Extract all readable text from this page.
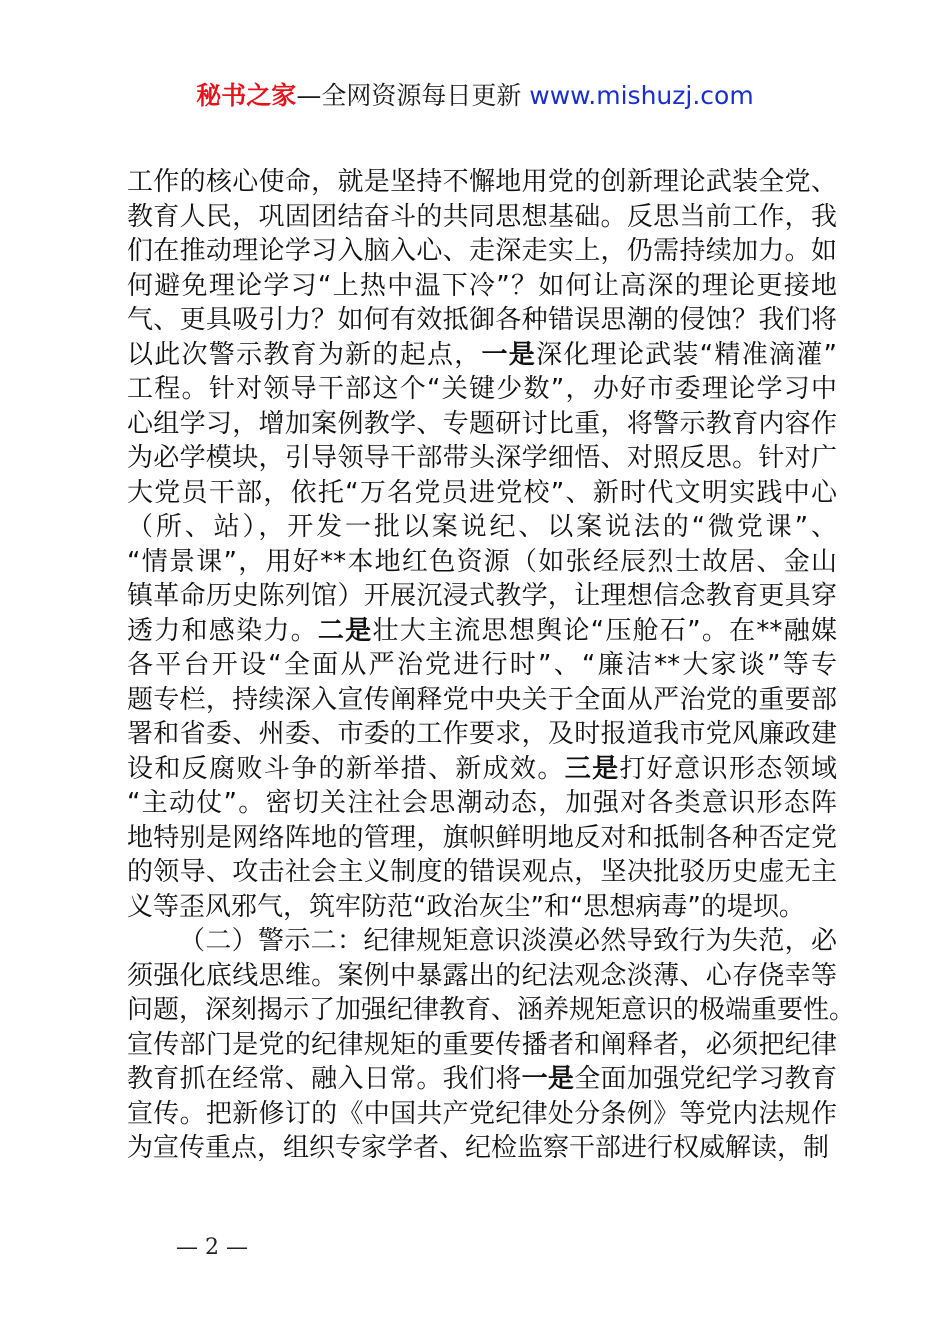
秘书之家—全网资源每日更新 www.mishuzj.com
工作的核心使命，就是坚持不懈地用党的创新理论武装全党、
教育人民，巩固团结奋斗的共同思想基础。反思当前工作，我
们在推动理论学习入脑入心、走深走实上，仍需持续加力。如
何避免理论学习“上热中温下冷”？如何让高深的理论更接地
气、更具吸引力？如何有效抵御各种错误思潮的侵蚀？我们将
以此次警示教育为新的起点，一是深化理论武装“精准滴灌”
工程。针对领导干部这个“关键少数”，办好市委理论学习中
心组学习，增加案例教学、专题研讨比重，将警示教育内容作
为必学模块，引导领导干部带头深学细悟、对照反思。针对广
大党员干部，依托“万名党员进党校”、新时代文明实践中心
（所、站），开发一批以案说纪、以案说法的“微党课”、
“情景课”，用好**本地红色资源（如张经辰烈士故居、金山
镇革命历史陈列馆）开展沉浸式教学，让理想信念教育更具穿
透力和感染力。二是壮大主流思想舆论“压舱石”。在**融媒
各平台开设“全面从严治党进行时”、“廉洁**大家谈”等专
题专栏，持续深入宣传阐释党中央关于全面从严治党的重要部
署和省委、州委、市委的工作要求，及时报道我市党风廉政建
设和反腐败斗争的新举措、新成效。三是打好意识形态领域
“主动仗”。密切关注社会思潮动态，加强对各类意识形态阵
地特别是网络阵地的管理，旗帜鲜明地反对和抵制各种否定党
的领导、攻击社会主义制度的错误观点，坚决批驳历史虚无主
义等歪风邪气，筑牢防范“政治灰尘”和“思想病毒”的堤坝。
（二）警示二：纪律规矩意识淡漠必然导致行为失范，必
须强化底线思维。案例中暴露出的纪法观念淡薄、心存侥幸等
问题，深刻揭示了加强纪律教育、涵养规矩意识的极端重要性。
宣传部门是党的纪律规矩的重要传播者和阐释者，必须把纪律
教育抓在经常、融入日常。我们将一是全面加强党纪学习教育
宣传。把新修订的《中国共产党纪律处分条例》等党内法规作
为宣传重点，组织专家学者、纪检监察干部进行权威解读，制
— 2 —
